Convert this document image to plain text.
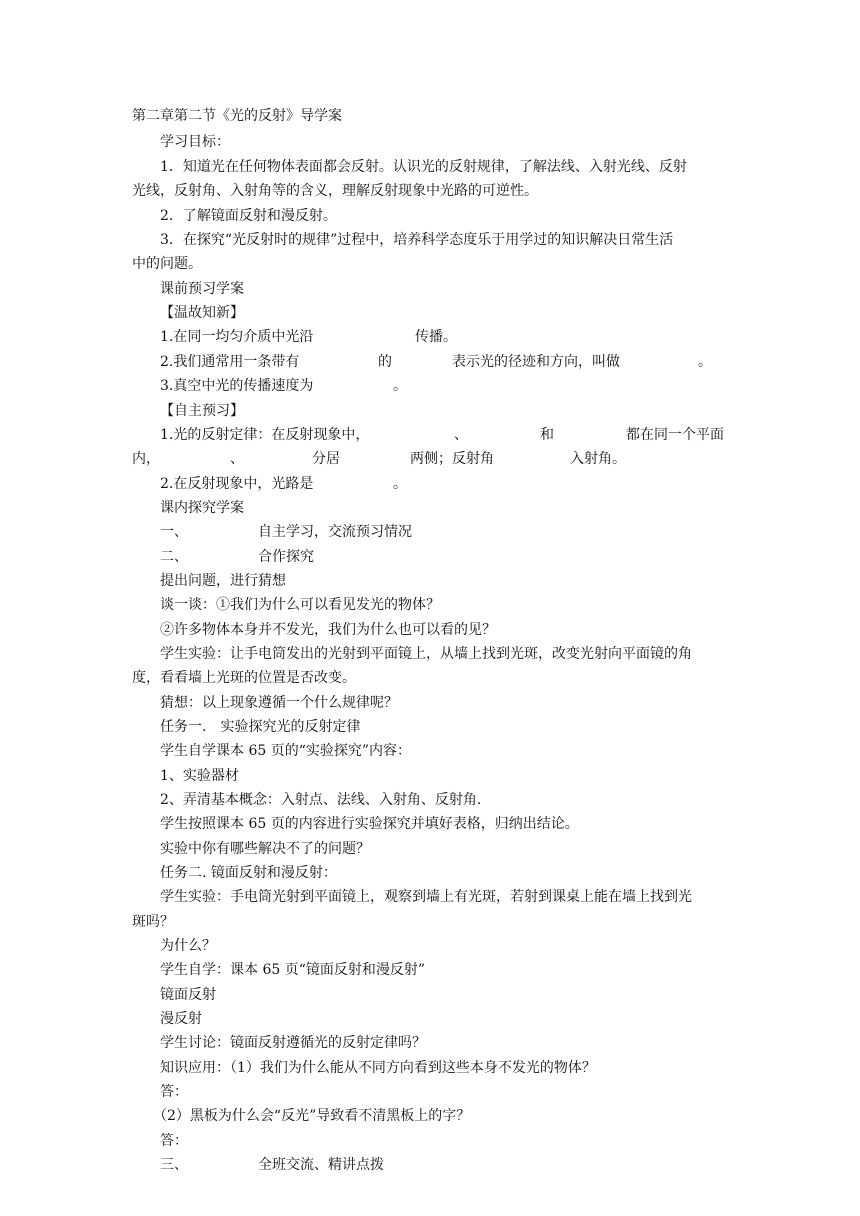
第二章第二节《光的反射》导学案
学习目标：
1．知道光在任何物体表面都会反射。认识光的反射规律，了解法线、入射光线、反射
光线，反射角、入射角等的含义，理解反射现象中光路的可逆性。
2．了解镜面反射和漫反射。
3．在探究“光反射时的规律”过程中，培养科学态度乐于用学过的知识解决日常生活
中的问题。
课前预习学案
【温故知新】
1.在同一均匀介质中光沿	传播。
2.我们通常用一条带有	的	表示光的径迹和方向，叫做	。
3.真空中光的传播速度为	。
【自主预习】
1.光的反射定律：在反射现象中，	、	和	都在同一个平面
内，	、	分居	两侧；反射角	入射角。
2.在反射现象中，光路是	。
课内探究学案
一、	自主学习，交流预习情况
二、	合作探究
提出问题，进行猜想
谈一谈：①我们为什么可以看见发光的物体？
②许多物体本身并不发光，我们为什么也可以看的见？
学生实验：让手电筒发出的光射到平面镜上，从墙上找到光斑，改变光射向平面镜的角
度，看看墙上光斑的位置是否改变。
猜想：以上现象遵循一个什么规律呢？
任务一.　实验探究光的反射定律
学生自学课本 65 页的“实验探究”内容：
1、实验器材
2、弄清基本概念：入射点、法线、入射角、反射角.
学生按照课本 65 页的内容进行实验探究并填好表格，归纳出结论。
实验中你有哪些解决不了的问题？
任务二. 镜面反射和漫反射：
学生实验：手电筒光射到平面镜上，观察到墙上有光斑，若射到课桌上能在墙上找到光
斑吗？
为什么？
学生自学：课本 65 页“镜面反射和漫反射”
镜面反射
漫反射
学生讨论：镜面反射遵循光的反射定律吗？
知识应用：（1）我们为什么能从不同方向看到这些本身不发光的物体？
答：
（2）黑板为什么会“反光”导致看不清黑板上的字？
答：
三、	全班交流、精讲点拨
